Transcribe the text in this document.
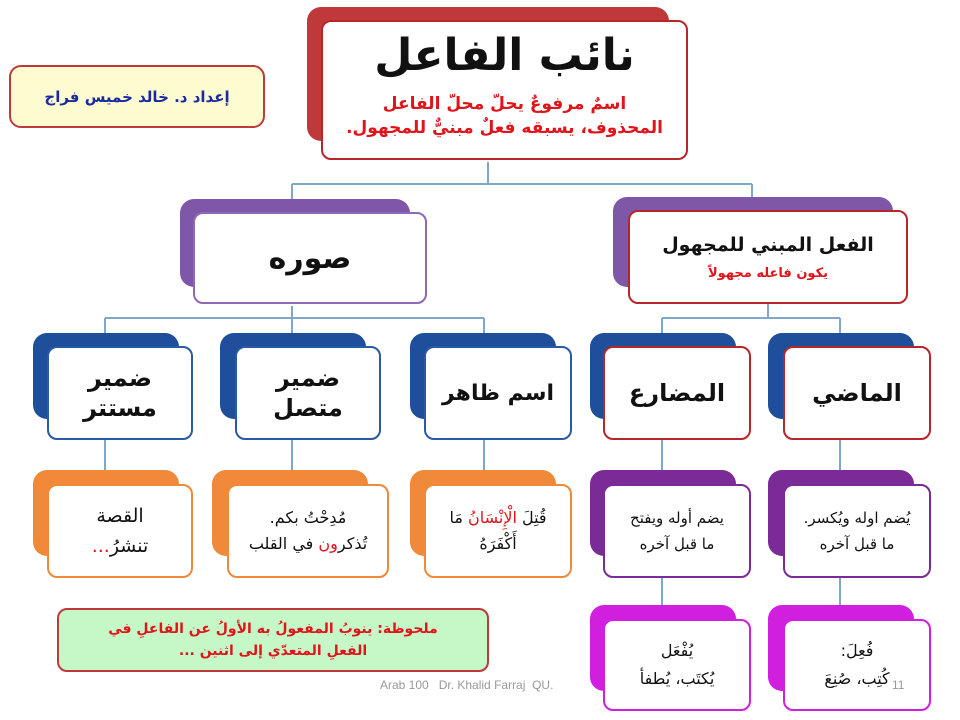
نائب الفاعل
اسمٌ مرفوعٌ يحلّ محلّ الفاعل
المحذوف، يسبقه فعلٌ مبنيٌّ للمجهول.
إعداد د. خالد خميس فراج
صوره	الفعل المبني للمجهول
يكون فاعله مجهولاً
ضمير
مستتر
ضمير
متصل
اسم ظاهر	المضارع	الماضي
القصة
تنشرُ...
مُدِحْتُ بكم.
تُذكرون في القلب
قُتِلَ الْإِنْسَانُ مَا
أَكْفَرَهُ
يضم أوله ويفتح
ما قبل آخره
يُضم اوله ويُكسر.
ما قبل آخره
يُفْعَل
يُكتَب، يُطفأ
فُعِلَ:
كُتِب، صُنِعَ
ملحوظة: ينوبُ المفعولُ به الأولُ عن الفاعلِ في
الفعلِ المتعدّي إلى اثنين ...
Arab 100   Dr. Khalid Farraj  QU.	11
